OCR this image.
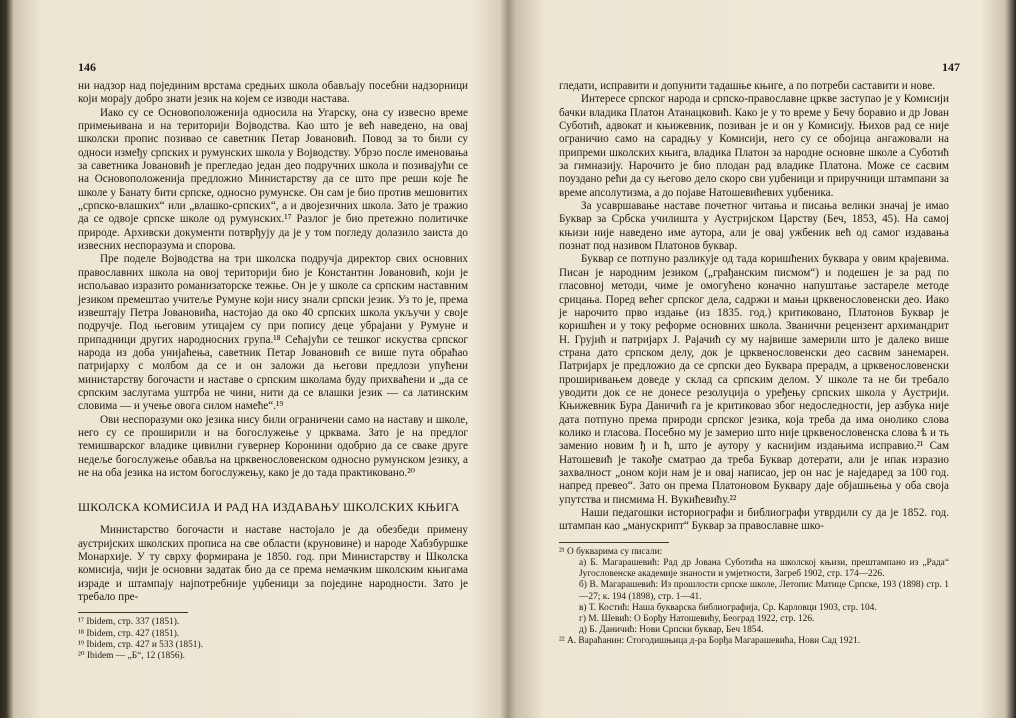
146

ни надзор над појединим врстама средњих школа обављају посебни надзорници који морају добро знати језик на којем се изводи настава.

Иако су се Основоположенија односила на Угарску, она су извесно време примењивана и на територији Војводства. Као што је већ наведено, на овај школски пропис позивао се саветник Петар Јовановић. Повод за то били су односи између српских и румунских школа у Војводству. Убрзо после именовања за саветника Јовановић је прегледао један део подручних школа и позивајући се на Основоположенија предложио Министарству да се што пре реши које ће школе у Банату бити српске, односно румунске. Он сам је био против мешовитих „српско-влашких“ или „влашко-српских“, а и двојезичних школа. Зато је тражио да се одвоје српске школе од румунских.¹⁷ Разлог је био претежно политичке природе. Архивски документи потврђују да је у том погледу долазило заиста до извесних неспоразума и спорова.

Пре поделе Војводства на три школска подручја директор свих основних православних школа на овој територији био је Константин Јовановић, који је испољавао изразито романизаторске тежње. Он је у школе са српским наставним језиком премештао учитеље Румуне који нису знали српски језик. Уз то је, према извештају Петра Јовановића, настојао да око 40 српских школа укључи у своје подручје. Под његовим утицајем су при попису деце убрајани у Румуне и припадници других народносних група.¹⁸ Сећајући се тешког искуства српског народа из доба унијаћења, саветник Петар Јовановић се више пута обраћао патријарху с молбом да се и он заложи да његови предлози упућени министарству богочасти и наставе о српским школама буду прихваћени и „да се српским заслугама уштрба не чини, нити да се влашки језик — са латинским словима — и учење овога силом намеће“.¹⁹

Ови неспоразуми око језика нису били ограничени само на наставу и школе, него су се проширили и на богослужење у црквама. Зато је на предлог темишварског владике цивилни гувернер Коронини одобрио да се сваке друге недеље богослужење обавља на црквенословенском односно румунском језику, а не на оба језика на истом богослужењу, како је до тада практиковано.²⁰

ШКОЛСКА КОМИСИЈА И РАД НА ИЗДАВАЊУ ШКОЛСКИХ КЊИГА

Министарство богочасти и наставе настојало је да обезбеди примену аустријских школских прописа на све области (круновине) и народе Хабзбуршке Монархије. У ту сврху формирана је 1850. год. при Министарству и Школска комисија, чији је основни задатак био да се према немачким школским књигама израде и штампају најпотребније уџбеници за поједине народности. Зато је требало пре-

¹⁷ Ibidem, стр. 337 (1851).
¹⁸ Ibidem, стр. 427 (1851).
¹⁹ Ibidem, стр. 427 и 533 (1851).
²⁰ Ibidem — „Б“, 12 (1856).
147

гледати, исправити и допунити тадашње књиге, а по потреби саставити и нове.

Интересе српског народа и српско-православне цркве заступао је у Комисији бачки владика Платон Атанацковић. Како је у то време у Бечу боравио и др Јован Суботић, адвокат и књижевник, позиван је и он у Комисију. Њихов рад се није ограничио само на сарадњу у Комисији, него су се обојица ангажовали на припреми школских књига, владика Платон за народне основне школе а Суботић за гимназију. Нарочито је био плодан рад владике Платона. Може се сасвим поуздано рећи да су његово дело скоро сви уџбеници и приручници штампани за време апсолутизма, а до појаве Натошевићевих уџбеника.

За усавршавање наставе почетног читања и писања велики значај је имао Буквар за Србска училишта у Аустријском Царству (Беч, 1853, 45). На самој књизи није наведено име аутора, али је овај ужбеник већ од самог издавања познат под називом Платонов буквар.

Буквар се потпуно разликује од тада коришћених буквара у овим крајевима. Писан је народним језиком („грађанским писмом“) и подешен је за рад по гласовној методи, чиме је омогућено коначно напуштање застареле методе срицања. Поред већег српског дела, садржи и мањи црквенословенски део. Иако је нарочито прво издање (из 1835. год.) критиковано, Платонов Буквар је коришћен и у току реформе основних школа. Званични рецензент архимандрит Н. Грујић и патријарх Ј. Рајачић су му највише замерили што је далеко више страна дато српском делу, док је црквенословенски део сасвим занемарен. Патријарх је предложио да се српски део Буквара прерадм, а црквенословенски проширивањем доведе у склад са српским делом. У школе та не би требало уводити док се не донесе резолуција о уређењу српских школа у Аустрији. Књижевник Бура Даничић га је критиковао због недоследности, јер азбука није дата потпуно према природи српског језика, која треба да има онолико слова колико и гласова. Посебно му је замерио што није црквенословенска слова ѣ и ть заменио новим ђ и ћ, што је аутору у каснијим издањима исправио.²¹ Сам Натошевић је такође сматрао да треба Буквар дотерати, али је ипак изразио захвалност „оном који нам је и овај написао, јер он нас је наједаред за 100 год. напред превео“. Зато он према Платоновом Буквару даје објашњења у оба своја упутства и писмима Н. Вукићевићу.²²

Наши педагошки историографи и библиографи утврдили су да је 1852. год. штампан као „манускрипт“ Буквар за православне шко-

²¹ О букварима су писали:
а) Б. Магарашевић: Рад др Јована Суботића на школској књизи, прештампано из „Рада“ Југословенске академије знаности и умјетности, Загреб 1902, стр. 174—226.
б) В. Магарашевић: Из прошлости српске школе, Летопис Матице Српске, 193 (1898) стр. 1—27; к. 194 (1898), стр. 1—41.
в) Т. Костић: Наша букварска библиографија, Ср. Карловци 1903, стр. 104.
г) М. Шевић: О Борђу Натошевићу, Београд 1922, стр. 126.
д) Б. Даничић: Нови Српски буквар, Беч 1854.
²² А. Вараћанин: Стогодишњица д-ра Борђа Магарашевића, Нови Сад 1921.
